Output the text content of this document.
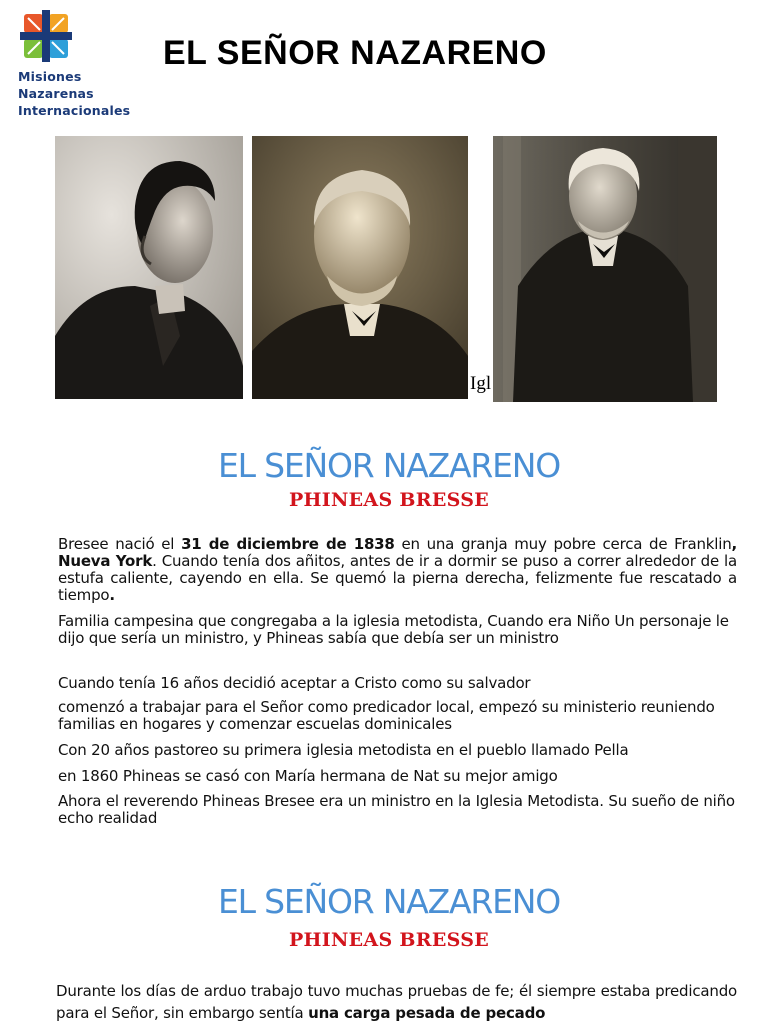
Misiones
Nazarenas
Internacionales
EL SEÑOR NAZARENO
Igl
EL SEÑOR NAZARENO
PHINEAS BRESSE
Bresee nació el 31 de diciembre de 1838 en una granja muy pobre cerca de Franklin, Nueva York. Cuando tenía dos añitos, antes de ir a dormir se puso a correr alrededor de la estufa caliente, cayendo en ella. Se quemó la pierna derecha, felizmente fue rescatado a tiempo.
Familia campesina que congregaba a la iglesia metodista, Cuando era Niño Un personaje le dijo que sería un ministro, y Phineas sabía que debía ser un ministro
Cuando tenía 16 años decidió aceptar a Cristo como su salvador
comenzó a trabajar para el Señor como predicador local, empezó su ministerio reuniendo familias en hogares y comenzar escuelas dominicales
Con 20 años pastoreo su primera iglesia metodista en el pueblo llamado Pella
en 1860 Phineas se casó con María hermana de Nat su mejor amigo
Ahora el reverendo Phineas Bresee era un ministro en la Iglesia Metodista. Su sueño de niño echo realidad
EL SEÑOR NAZARENO
PHINEAS BRESSE
Durante los días de arduo trabajo tuvo muchas pruebas de fe; él siempre estaba predicando para el Señor, sin embargo sentía una carga pesada de pecado
